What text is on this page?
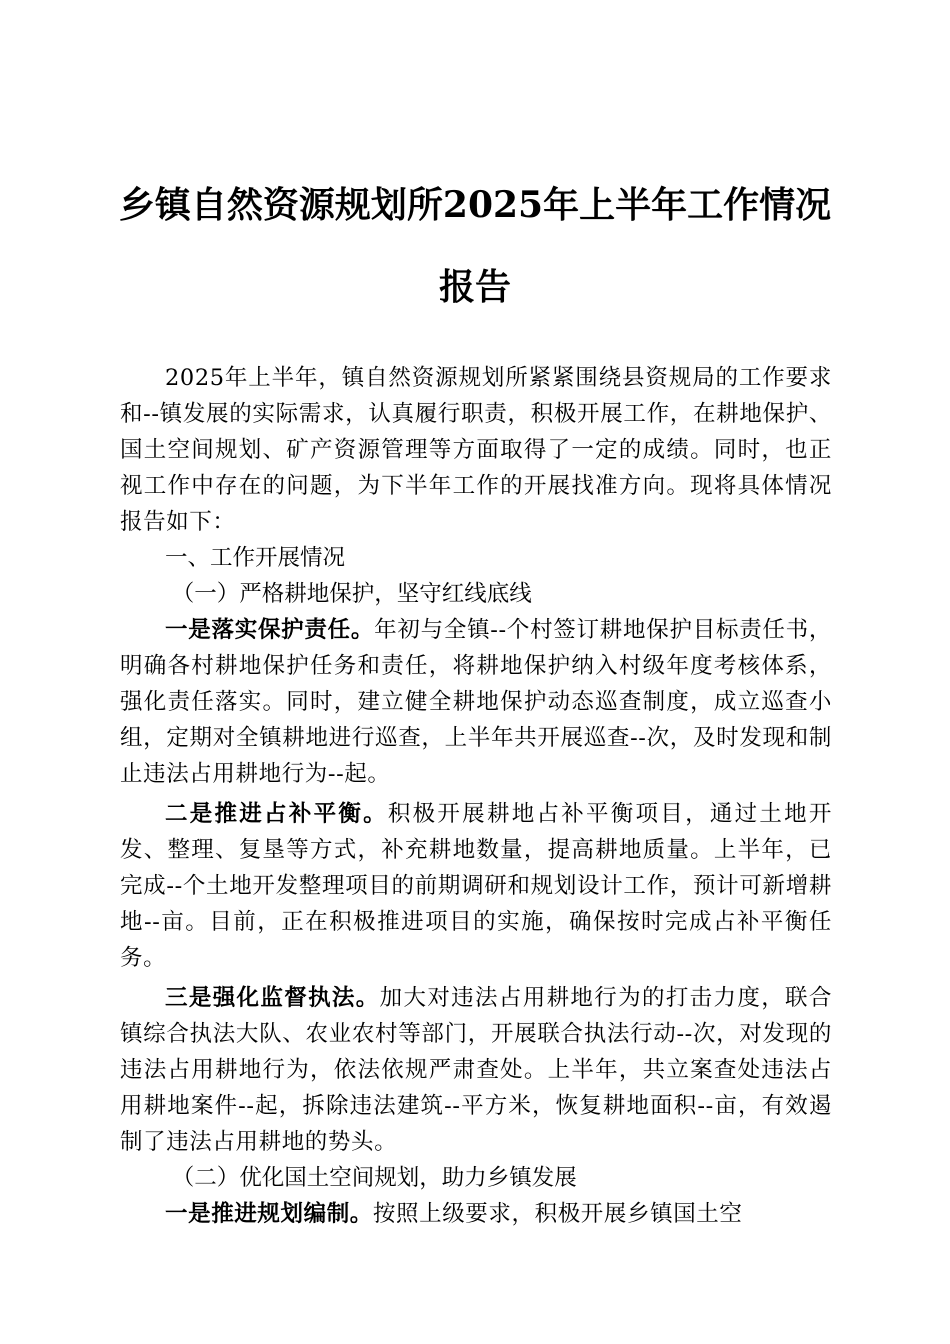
乡镇自然资源规划所2025年上半年工作情况
报告

2025年上半年，镇自然资源规划所紧紧围绕县资规局的工作要求和--镇发展的实际需求，认真履行职责，积极开展工作，在耕地保护、国土空间规划、矿产资源管理等方面取得了一定的成绩。同时，也正视工作中存在的问题，为下半年工作的开展找准方向。现将具体情况报告如下：

一、工作开展情况

（一）严格耕地保护，坚守红线底线

一是落实保护责任。年初与全镇--个村签订耕地保护目标责任书，明确各村耕地保护任务和责任，将耕地保护纳入村级年度考核体系，强化责任落实。同时，建立健全耕地保护动态巡查制度，成立巡查小组，定期对全镇耕地进行巡查，上半年共开展巡查--次，及时发现和制止违法占用耕地行为--起。

二是推进占补平衡。积极开展耕地占补平衡项目，通过土地开发、整理、复垦等方式，补充耕地数量，提高耕地质量。上半年，已完成--个土地开发整理项目的前期调研和规划设计工作，预计可新增耕地--亩。目前，正在积极推进项目的实施，确保按时完成占补平衡任务。

三是强化监督执法。加大对违法占用耕地行为的打击力度，联合镇综合执法大队、农业农村等部门，开展联合执法行动--次，对发现的违法占用耕地行为，依法依规严肃查处。上半年，共立案查处违法占用耕地案件--起，拆除违法建筑--平方米，恢复耕地面积--亩，有效遏制了违法占用耕地的势头。

（二）优化国土空间规划，助力乡镇发展

一是推进规划编制。按照上级要求，积极开展乡镇国土空
